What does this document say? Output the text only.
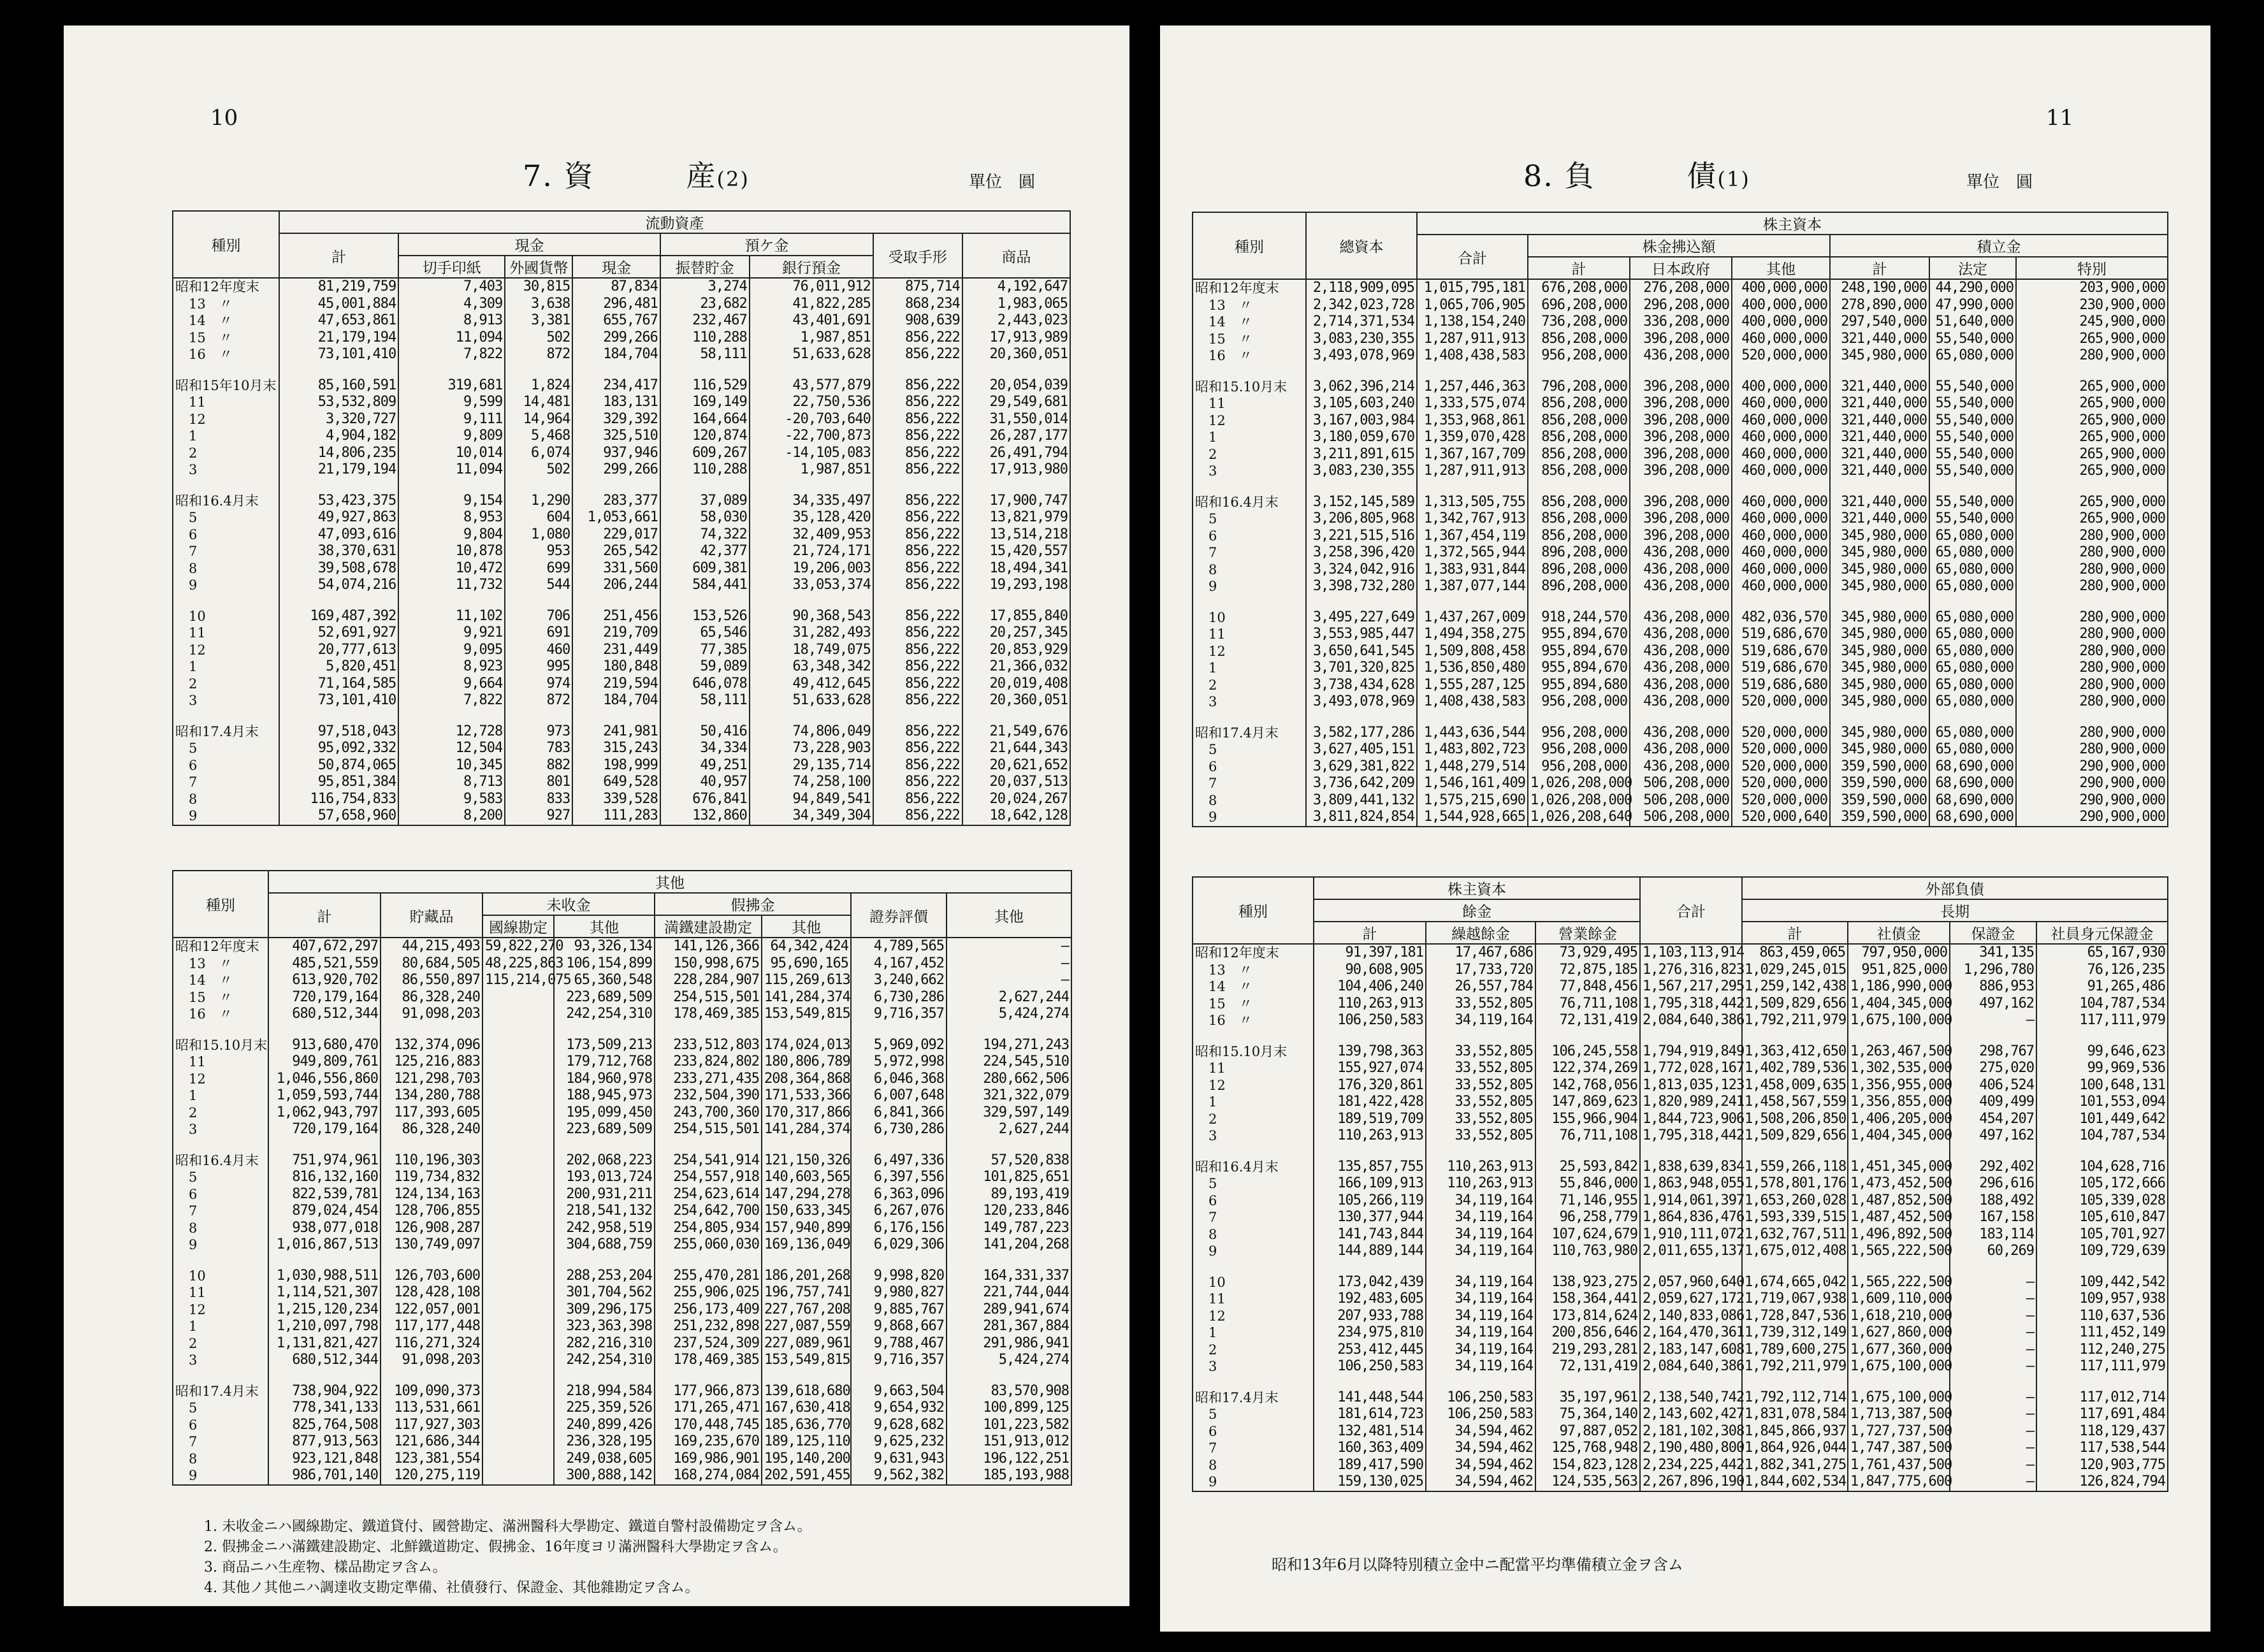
10
7. 資　　　産(2)	單位　圓
種別	流動資產							
	計	現金			預ケ金		受取手形	商品
		切手印紙	外國貨幣	現金	振替貯金	銀行預金		
昭和12年度末	81,219,759	7,403	30,815	87,834	3,274	76,011,912	875,714	4,192,647
　13　〃	45,001,884	4,309	3,638	296,481	23,682	41,822,285	868,234	1,983,065
　14　〃	47,653,861	8,913	3,381	655,767	232,467	43,401,691	908,639	2,443,023
　15　〃	21,179,194	11,094	502	299,266	110,288	1,987,851	856,222	17,913,989
　16　〃	73,101,410	7,822	872	184,704	58,111	51,633,628	856,222	20,360,051

昭和15年10月末	85,160,591	319,681	1,824	234,417	116,529	43,577,879	856,222	20,054,039
　11	53,532,809	9,599	14,481	183,131	169,149	22,750,536	856,222	29,549,681
　12	3,320,727	9,111	14,964	329,392	164,664	-20,703,640	856,222	31,550,014
　1	4,904,182	9,809	5,468	325,510	120,874	-22,700,873	856,222	26,287,177
　2	14,806,235	10,014	6,074	937,946	609,267	-14,105,083	856,222	26,491,794
　3	21,179,194	11,094	502	299,266	110,288	1,987,851	856,222	17,913,980

昭和16.4月末	53,423,375	9,154	1,290	283,377	37,089	34,335,497	856,222	17,900,747
　5	49,927,863	8,953	604	1,053,661	58,030	35,128,420	856,222	13,821,979
　6	47,093,616	9,804	1,080	229,017	74,322	32,409,953	856,222	13,514,218
　7	38,370,631	10,878	953	265,542	42,377	21,724,171	856,222	15,420,557
　8	39,508,678	10,472	699	331,560	609,381	19,206,003	856,222	18,494,341
　9	54,074,216	11,732	544	206,244	584,441	33,053,374	856,222	19,293,198

　10	169,487,392	11,102	706	251,456	153,526	90,368,543	856,222	17,855,840
　11	52,691,927	9,921	691	219,709	65,546	31,282,493	856,222	20,257,345
　12	20,777,613	9,095	460	231,449	77,385	18,749,075	856,222	20,853,929
　1	5,820,451	8,923	995	180,848	59,089	63,348,342	856,222	21,366,032
　2	71,164,585	9,664	974	219,594	646,078	49,412,645	856,222	20,019,408
　3	73,101,410	7,822	872	184,704	58,111	51,633,628	856,222	20,360,051

昭和17.4月末	97,518,043	12,728	973	241,981	50,416	74,806,049	856,222	21,549,676
　5	95,092,332	12,504	783	315,243	34,334	73,228,903	856,222	21,644,343
　6	50,874,065	10,345	882	198,999	49,251	29,135,714	856,222	20,621,652
　7	95,851,384	8,713	801	649,528	40,957	74,258,100	856,222	20,037,513
　8	116,754,833	9,583	833	339,528	676,841	94,849,541	856,222	20,024,267
　9	57,658,960	8,200	927	111,283	132,860	34,349,304	856,222	18,642,128
種別	其他							
	計	貯藏品	未收金		假拂金		證券評價	其他
			國線勘定	其他	満鐵建設勘定	其他		
昭和12年度末	407,672,297	44,215,493	59,822,270	93,326,134	141,126,366	64,342,424	4,789,565	—
　13　〃	485,521,559	80,684,505	48,225,863	106,154,899	150,998,675	95,690,165	4,167,452	—
　14　〃	613,920,702	86,550,897	115,214,075	65,360,548	228,284,907	115,269,613	3,240,662	—
　15　〃	720,179,164	86,328,240		223,689,509	254,515,501	141,284,374	6,730,286	2,627,244
　16　〃	680,512,344	91,098,203		242,254,310	178,469,385	153,549,815	9,716,357	5,424,274

昭和15.10月末	913,680,470	132,374,096		173,509,213	233,512,803	174,024,013	5,969,092	194,271,243
　11	949,809,761	125,216,883		179,712,768	233,824,802	180,806,789	5,972,998	224,545,510
　12	1,046,556,860	121,298,703		184,960,978	233,271,435	208,364,868	6,046,368	280,662,506
　1	1,059,593,744	134,280,788		188,945,973	232,504,390	171,533,366	6,007,648	321,322,079
　2	1,062,943,797	117,393,605		195,099,450	243,700,360	170,317,866	6,841,366	329,597,149
　3	720,179,164	86,328,240		223,689,509	254,515,501	141,284,374	6,730,286	2,627,244

昭和16.4月末	751,974,961	110,196,303		202,068,223	254,541,914	121,150,326	6,497,336	57,520,838
　5	816,132,160	119,734,832		193,013,724	254,557,918	140,603,565	6,397,556	101,825,651
　6	822,539,781	124,134,163		200,931,211	254,623,614	147,294,278	6,363,096	89,193,419
　7	879,024,454	128,706,855		218,541,132	254,642,700	150,633,345	6,267,076	120,233,846
　8	938,077,018	126,908,287		242,958,519	254,805,934	157,940,899	6,176,156	149,787,223
　9	1,016,867,513	130,749,097		304,688,759	255,060,030	169,136,049	6,029,306	141,204,268

　10	1,030,988,511	126,703,600		288,253,204	255,470,281	186,201,268	9,998,820	164,331,337
　11	1,114,521,307	128,428,108		301,704,562	255,906,025	196,757,741	9,980,827	221,744,044
　12	1,215,120,234	122,057,001		309,296,175	256,173,409	227,767,208	9,885,767	289,941,674
　1	1,210,097,798	117,177,448		323,363,398	251,232,898	227,087,559	9,868,667	281,367,884
　2	1,131,821,427	116,271,324		282,216,310	237,524,309	227,089,961	9,788,467	291,986,941
　3	680,512,344	91,098,203		242,254,310	178,469,385	153,549,815	9,716,357	5,424,274

昭和17.4月末	738,904,922	109,090,373		218,994,584	177,966,873	139,618,680	9,663,504	83,570,908
　5	778,341,133	113,531,661		225,359,526	171,265,471	167,630,418	9,654,932	100,899,125
　6	825,764,508	117,927,303		240,899,426	170,448,745	185,636,770	9,628,682	101,223,582
　7	877,913,563	121,686,344		236,328,195	169,235,670	189,125,110	9,625,232	151,913,012
　8	923,121,848	123,381,554		249,038,605	169,986,901	195,140,200	9,631,943	196,122,251
　9	986,701,140	120,275,119		300,888,142	168,274,084	202,591,455	9,562,382	185,193,988
1. 未收金ニハ國線勘定、鐵道貸付、國營勘定、滿洲醫科大學勘定、鐵道自警村設備勘定ヲ含ム。
2. 假拂金ニハ滿鐵建設勘定、北鮮鐵道勘定、假拂金、16年度ヨリ滿洲醫科大學勘定ヲ含ム。
3. 商品ニハ生産物、樣品勘定ヲ含ム。
4. 其他ノ其他ニハ調達收支勘定準備、社債發行、保證金、其他雜勘定ヲ含ム。
11
8. 負　　　債(1)	單位　圓
種別	總資本	株主資本						
		合計	株金拂込額			積立金		
			計	日本政府	其他	計	法定	特別
昭和12年度末	2,118,909,095	1,015,795,181	676,208,000	276,208,000	400,000,000	248,190,000	44,290,000	203,900,000
　13　〃	2,342,023,728	1,065,706,905	696,208,000	296,208,000	400,000,000	278,890,000	47,990,000	230,900,000
　14　〃	2,714,371,534	1,138,154,240	736,208,000	336,208,000	400,000,000	297,540,000	51,640,000	245,900,000
　15　〃	3,083,230,355	1,287,911,913	856,208,000	396,208,000	460,000,000	321,440,000	55,540,000	265,900,000
　16　〃	3,493,078,969	1,408,438,583	956,208,000	436,208,000	520,000,000	345,980,000	65,080,000	280,900,000

昭和15.10月末	3,062,396,214	1,257,446,363	796,208,000	396,208,000	400,000,000	321,440,000	55,540,000	265,900,000
　11	3,105,603,240	1,333,575,074	856,208,000	396,208,000	460,000,000	321,440,000	55,540,000	265,900,000
　12	3,167,003,984	1,353,968,861	856,208,000	396,208,000	460,000,000	321,440,000	55,540,000	265,900,000
　1	3,180,059,670	1,359,070,428	856,208,000	396,208,000	460,000,000	321,440,000	55,540,000	265,900,000
　2	3,211,891,615	1,367,167,709	856,208,000	396,208,000	460,000,000	321,440,000	55,540,000	265,900,000
　3	3,083,230,355	1,287,911,913	856,208,000	396,208,000	460,000,000	321,440,000	55,540,000	265,900,000

昭和16.4月末	3,152,145,589	1,313,505,755	856,208,000	396,208,000	460,000,000	321,440,000	55,540,000	265,900,000
　5	3,206,805,968	1,342,767,913	856,208,000	396,208,000	460,000,000	321,440,000	55,540,000	265,900,000
　6	3,221,515,516	1,367,454,119	856,208,000	396,208,000	460,000,000	345,980,000	65,080,000	280,900,000
　7	3,258,396,420	1,372,565,944	896,208,000	436,208,000	460,000,000	345,980,000	65,080,000	280,900,000
　8	3,324,042,916	1,383,931,844	896,208,000	436,208,000	460,000,000	345,980,000	65,080,000	280,900,000
　9	3,398,732,280	1,387,077,144	896,208,000	436,208,000	460,000,000	345,980,000	65,080,000	280,900,000

　10	3,495,227,649	1,437,267,009	918,244,570	436,208,000	482,036,570	345,980,000	65,080,000	280,900,000
　11	3,553,985,447	1,494,358,275	955,894,670	436,208,000	519,686,670	345,980,000	65,080,000	280,900,000
　12	3,650,641,545	1,509,808,458	955,894,670	436,208,000	519,686,670	345,980,000	65,080,000	280,900,000
　1	3,701,320,825	1,536,850,480	955,894,670	436,208,000	519,686,670	345,980,000	65,080,000	280,900,000
　2	3,738,434,628	1,555,287,125	955,894,680	436,208,000	519,686,680	345,980,000	65,080,000	280,900,000
　3	3,493,078,969	1,408,438,583	956,208,000	436,208,000	520,000,000	345,980,000	65,080,000	280,900,000

昭和17.4月末	3,582,177,286	1,443,636,544	956,208,000	436,208,000	520,000,000	345,980,000	65,080,000	280,900,000
　5	3,627,405,151	1,483,802,723	956,208,000	436,208,000	520,000,000	345,980,000	65,080,000	280,900,000
　6	3,629,381,822	1,448,279,514	956,208,000	436,208,000	520,000,000	359,590,000	68,690,000	290,900,000
　7	3,736,642,209	1,546,161,409	1,026,208,000	506,208,000	520,000,000	359,590,000	68,690,000	290,900,000
　8	3,809,441,132	1,575,215,690	1,026,208,000	506,208,000	520,000,000	359,590,000	68,690,000	290,900,000
　9	3,811,824,854	1,544,928,665	1,026,208,640	506,208,000	520,000,640	359,590,000	68,690,000	290,900,000
種別	株主資本			合計	外部負債			
	餘金				長期			
	計	繰越餘金	營業餘金		計	社債金	保證金	社員身元保證金
昭和12年度末	91,397,181	17,467,686	73,929,495	1,103,113,914	863,459,065	797,950,000	341,135	65,167,930
　13　〃	90,608,905	17,733,720	72,875,185	1,276,316,823	1,029,245,015	951,825,000	1,296,780	76,126,235
　14　〃	104,406,240	26,557,784	77,848,456	1,567,217,295	1,259,142,438	1,186,990,000	886,953	91,265,486
　15　〃	110,263,913	33,552,805	76,711,108	1,795,318,442	1,509,829,656	1,404,345,000	497,162	104,787,534
　16　〃	106,250,583	34,119,164	72,131,419	2,084,640,386	1,792,211,979	1,675,100,000	—	117,111,979

昭和15.10月末	139,798,363	33,552,805	106,245,558	1,794,919,849	1,363,412,650	1,263,467,500	298,767	99,646,623
　11	155,927,074	33,552,805	122,374,269	1,772,028,167	1,402,789,536	1,302,535,000	275,020	99,969,536
　12	176,320,861	33,552,805	142,768,056	1,813,035,123	1,458,009,635	1,356,955,000	406,524	100,648,131
　1	181,422,428	33,552,805	147,869,623	1,820,989,241	1,458,567,559	1,356,855,000	409,499	101,553,094
　2	189,519,709	33,552,805	155,966,904	1,844,723,906	1,508,206,850	1,406,205,000	454,207	101,449,642
　3	110,263,913	33,552,805	76,711,108	1,795,318,442	1,509,829,656	1,404,345,000	497,162	104,787,534

昭和16.4月末	135,857,755	110,263,913	25,593,842	1,838,639,834	1,559,266,118	1,451,345,000	292,402	104,628,716
　5	166,109,913	110,263,913	55,846,000	1,863,948,055	1,578,801,176	1,473,452,500	296,616	105,172,666
　6	105,266,119	34,119,164	71,146,955	1,914,061,397	1,653,260,028	1,487,852,500	188,492	105,339,028
　7	130,377,944	34,119,164	96,258,779	1,864,836,476	1,593,339,515	1,487,452,500	167,158	105,610,847
　8	141,743,844	34,119,164	107,624,679	1,910,111,072	1,632,767,511	1,496,892,500	183,114	105,701,927
　9	144,889,144	34,119,164	110,763,980	2,011,655,137	1,675,012,408	1,565,222,500	60,269	109,729,639

　10	173,042,439	34,119,164	138,923,275	2,057,960,640	1,674,665,042	1,565,222,500	—	109,442,542
　11	192,483,605	34,119,164	158,364,441	2,059,627,172	1,719,067,938	1,609,110,000	—	109,957,938
　12	207,933,788	34,119,164	173,814,624	2,140,833,086	1,728,847,536	1,618,210,000	—	110,637,536
　1	234,975,810	34,119,164	200,856,646	2,164,470,361	1,739,312,149	1,627,860,000	—	111,452,149
　2	253,412,445	34,119,164	219,293,281	2,183,147,608	1,789,600,275	1,677,360,000	—	112,240,275
　3	106,250,583	34,119,164	72,131,419	2,084,640,386	1,792,211,979	1,675,100,000	—	117,111,979

昭和17.4月末	141,448,544	106,250,583	35,197,961	2,138,540,742	1,792,112,714	1,675,100,000	—	117,012,714
　5	181,614,723	106,250,583	75,364,140	2,143,602,427	1,831,078,584	1,713,387,500	—	117,691,484
　6	132,481,514	34,594,462	97,887,052	2,181,102,308	1,845,866,937	1,727,737,500	—	118,129,437
　7	160,363,409	34,594,462	125,768,948	2,190,480,800	1,864,926,044	1,747,387,500	—	117,538,544
　8	189,417,590	34,594,462	154,823,128	2,234,225,442	1,882,341,275	1,761,437,500	—	120,903,775
　9	159,130,025	34,594,462	124,535,563	2,267,896,190	1,844,602,534	1,847,775,600	—	126,824,794
昭和13年6月以降特別積立金中ニ配當平均準備積立金ヲ含ム
